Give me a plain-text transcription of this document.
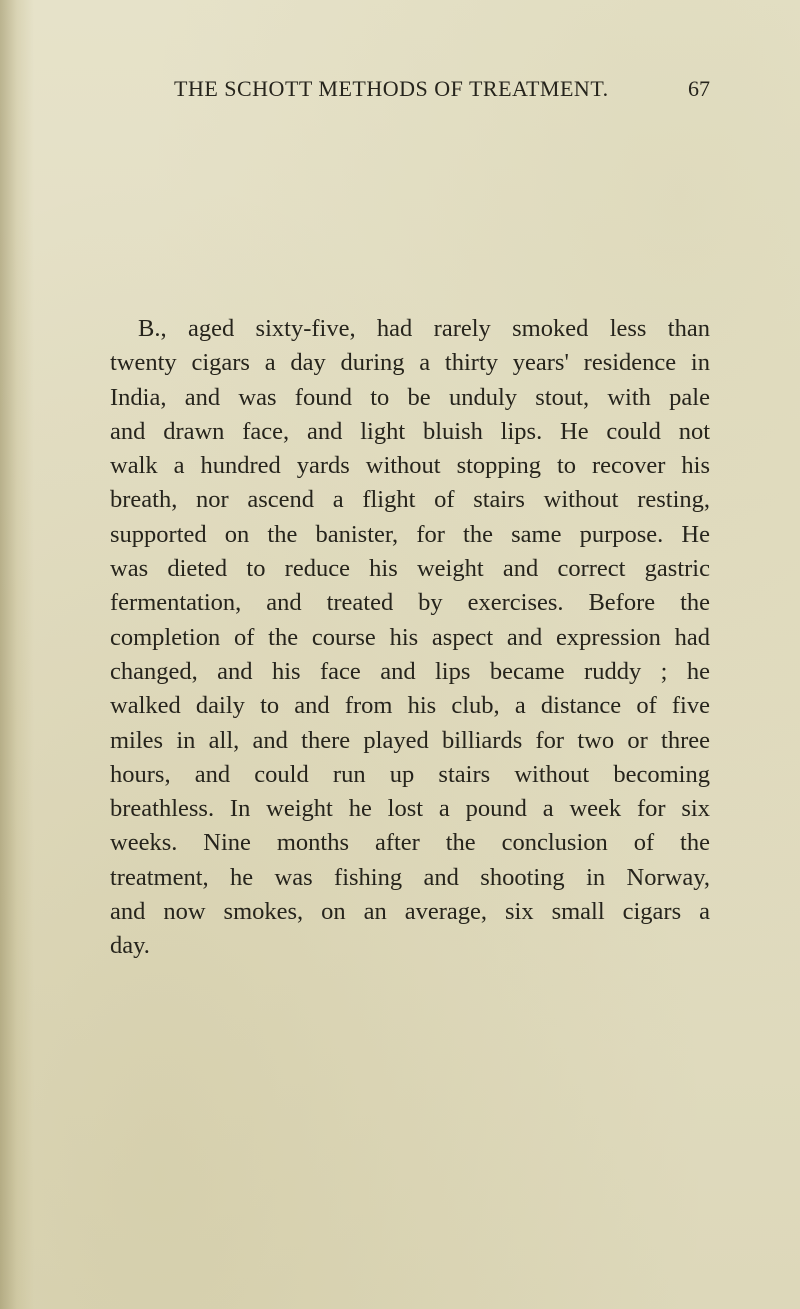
THE SCHOTT METHODS OF TREATMENT.	67
B., aged sixty-five, had rarely smoked less than
twenty cigars a day during a thirty years' residence in
India, and was found to be unduly stout, with pale
and drawn face, and light bluish lips. He could not
walk a hundred yards without stopping to recover his
breath, nor ascend a flight of stairs without resting,
supported on the banister, for the same purpose. He
was dieted to reduce his weight and correct gastric
fermentation, and treated by exercises. Before the
completion of the course his aspect and expression had
changed, and his face and lips became ruddy ; he
walked daily to and from his club, a distance of five
miles in all, and there played billiards for two or three
hours, and could run up stairs without becoming
breathless. In weight he lost a pound a week for six
weeks. Nine months after the conclusion of the
treatment, he was fishing and shooting in Norway,
and now smokes, on an average, six small cigars a
day.
